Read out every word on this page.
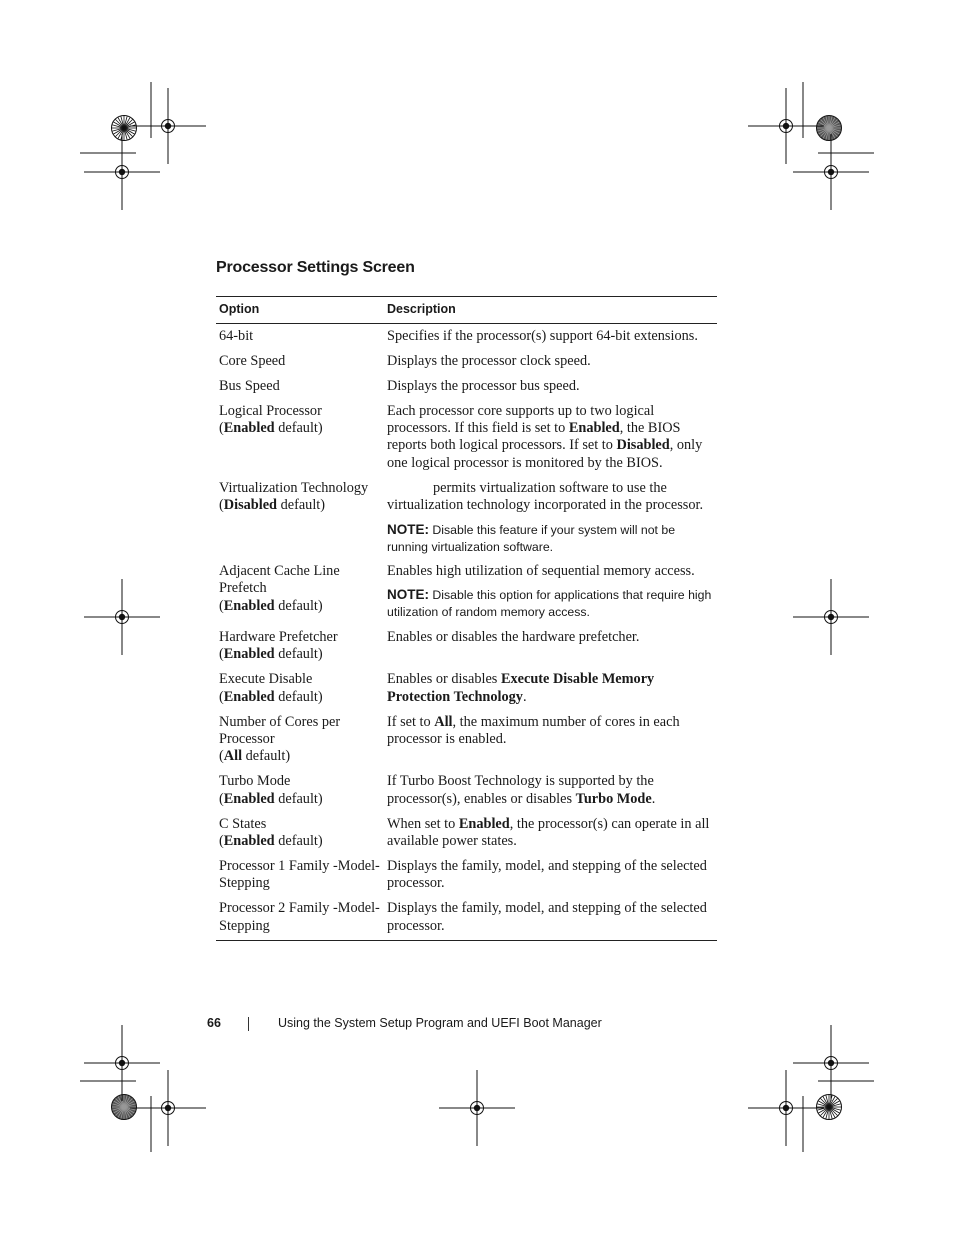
Processor Settings Screen
Option	Description
64-bit	Specifies if the processor(s) support 64-bit extensions.
Core Speed	Displays the processor clock speed.
Bus Speed	Displays the processor bus speed.
Logical Processor
(Enabled default)	Each processor core supports up to two logical processors. If this field is set to Enabled, the BIOS reports both logical processors. If set to Disabled, only one logical processor is monitored by the BIOS.
Virtualization Technology
(Disabled default)	permits virtualization software to use the virtualization technology incorporated in the processor.
NOTE: Disable this feature if your system will not be running virtualization software.

Adjacent Cache Line Prefetch
(Enabled default)	Enables high utilization of sequential memory access.
NOTE: Disable this option for applications that require high utilization of random memory access.

Hardware Prefetcher
(Enabled default)	Enables or disables the hardware prefetcher.
Execute Disable
(Enabled default)	Enables or disables Execute Disable Memory Protection Technology.
Number of Cores per Processor
(All default)	If set to All, the maximum number of cores in each processor is enabled.
Turbo Mode
(Enabled default)	If Turbo Boost Technology is supported by the processor(s), enables or disables Turbo Mode.
C States
(Enabled default)	When set to Enabled, the processor(s) can operate in all available power states.
Processor 1 Family -Model-Stepping	Displays the family, model, and stepping of the selected processor.
Processor 2 Family -Model-Stepping	Displays the family, model, and stepping of the selected processor.
66	Using the System Setup Program and UEFI Boot Manager
